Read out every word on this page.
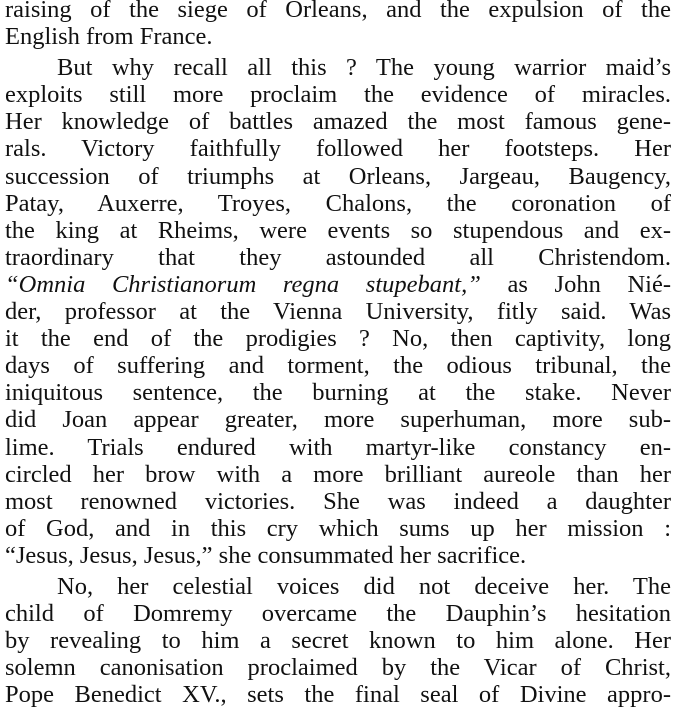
raising of the siege of Orleans, and the expulsion of the
English from France.
But why recall all this ? The young warrior maid’s
exploits still more proclaim the evidence of miracles.
Her knowledge of battles amazed the most famous gene-
rals. Victory faithfully followed her footsteps. Her
succession of triumphs at Orleans, Jargeau, Baugency,
Patay, Auxerre, Troyes, Chalons, the coronation of
the king at Rheims, were events so stupendous and ex-
traordinary that they astounded all Christendom.
“Omnia Christianorum regna stupebant,” as John Nié-
der, professor at the Vienna University, fitly said. Was
it the end of the prodigies ? No, then captivity, long
days of suffering and torment, the odious tribunal, the
iniquitous sentence, the burning at the stake. Never
did Joan appear greater, more superhuman, more sub-
lime. Trials endured with martyr-like constancy en-
circled her brow with a more brilliant aureole than her
most renowned victories. She was indeed a daughter
of God, and in this cry which sums up her mission :
“Jesus, Jesus, Jesus,” she consummated her sacrifice.
No, her celestial voices did not deceive her. The
child of Domremy overcame the Dauphin’s hesitation
by revealing to him a secret known to him alone. Her
solemn canonisation proclaimed by the Vicar of Christ,
Pope Benedict XV., sets the final seal of Divine appro-
